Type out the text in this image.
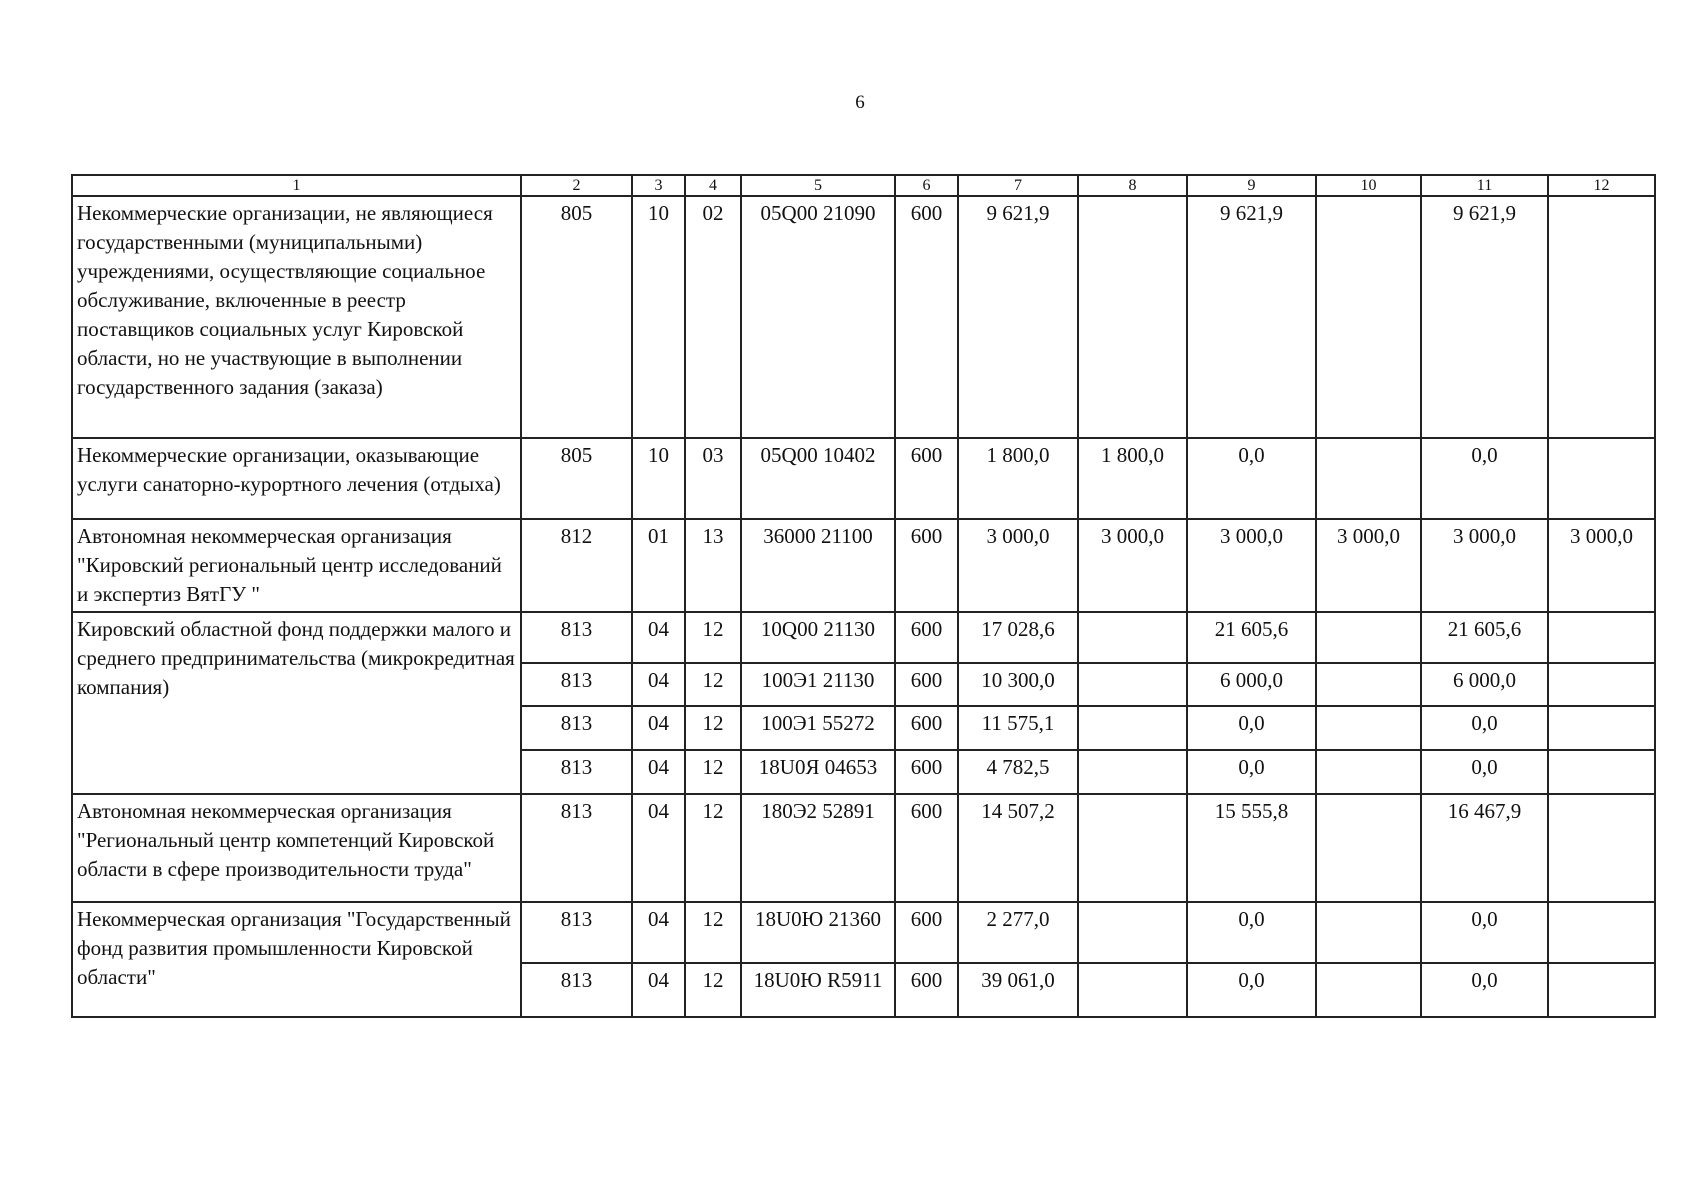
6
1	2	3	4	5	6	7	8	9	10	11	12
Некоммерческие организации, не являющиеся государственными (муниципальными) учреждениями, осуществляющие социальное обслуживание, включенные в реестр поставщиков социальных услуг Кировской области, но не участвующие в выполнении государственного задания (заказа)	805	10	02	05Q00 21090	600	9 621,9		9 621,9		9 621,9	
Некоммерческие организации, оказывающие услуги санаторно-курортного лечения (отдыха)	805	10	03	05Q00 10402	600	1 800,0	1 800,0	0,0		0,0	
Автономная некоммерческая организация "Кировский региональный центр исследований и экспертиз ВятГУ "	812	01	13	36000 21100	600	3 000,0	3 000,0	3 000,0	3 000,0	3 000,0	3 000,0
Кировский областной фонд поддержки малого и среднего предпринимательства (микрокредитная компания)	813	04	12	10Q00 21130	600	17 028,6		21 605,6		21 605,6	
	813	04	12	100Э1 21130	600	10 300,0		6 000,0		6 000,0	
	813	04	12	100Э1 55272	600	11 575,1		0,0		0,0	
	813	04	12	18U0Я 04653	600	4 782,5		0,0		0,0	
Автономная некоммерческая организация "Региональный центр компетенций Кировской области в сфере производительности труда"	813	04	12	180Э2 52891	600	14 507,2		15 555,8		16 467,9	
Некоммерческая организация "Государственный фонд развития промышленности Кировской области"	813	04	12	18U0Ю 21360	600	2 277,0		0,0		0,0	
	813	04	12	18U0Ю R5911	600	39 061,0		0,0		0,0	
